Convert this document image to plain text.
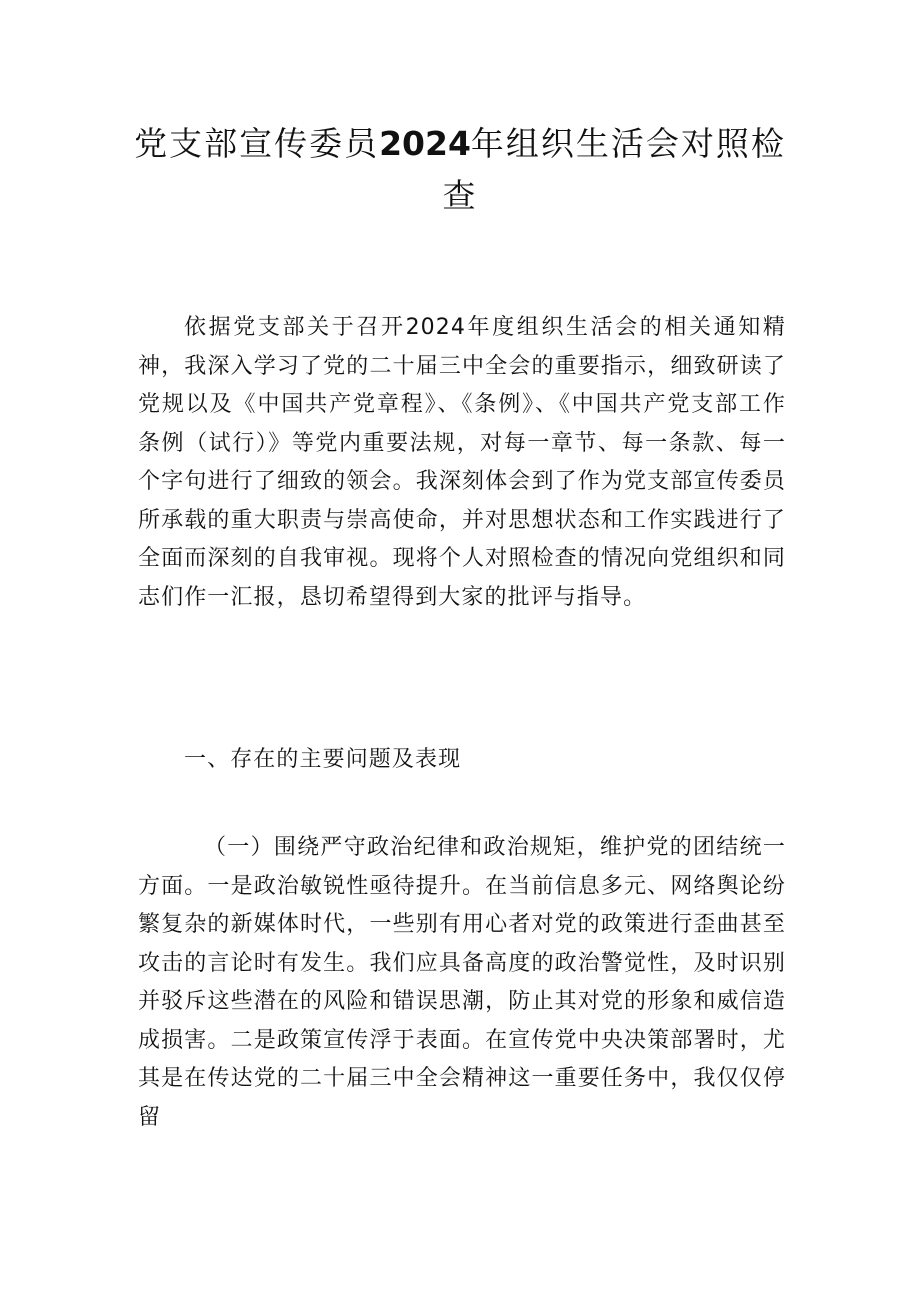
党支部宣传委员2024年组织生活会对照检
查

依据党支部关于召开2024年度组织生活会的相关通知精神，我深入学习了党的二十届三中全会的重要指示，细致研读了党规以及《中国共产党章程》、《条例》、《中国共产党支部工作条例（试行）》等党内重要法规，对每一章节、每一条款、每一个字句进行了细致的领会。我深刻体会到了作为党支部宣传委员所承载的重大职责与崇高使命，并对思想状态和工作实践进行了全面而深刻的自我审视。现将个人对照检查的情况向党组织和同志们作一汇报，恳切希望得到大家的批评与指导。

一、存在的主要问题及表现

（一）围绕严守政治纪律和政治规矩，维护党的团结统一方面。一是政治敏锐性亟待提升。在当前信息多元、网络舆论纷繁复杂的新媒体时代，一些别有用心者对党的政策进行歪曲甚至攻击的言论时有发生。我们应具备高度的政治警觉性，及时识别并驳斥这些潜在的风险和错误思潮，防止其对党的形象和威信造成损害。二是政策宣传浮于表面。在宣传党中央决策部署时，尤其是在传达党的二十届三中全会精神这一重要任务中，我仅仅停留
